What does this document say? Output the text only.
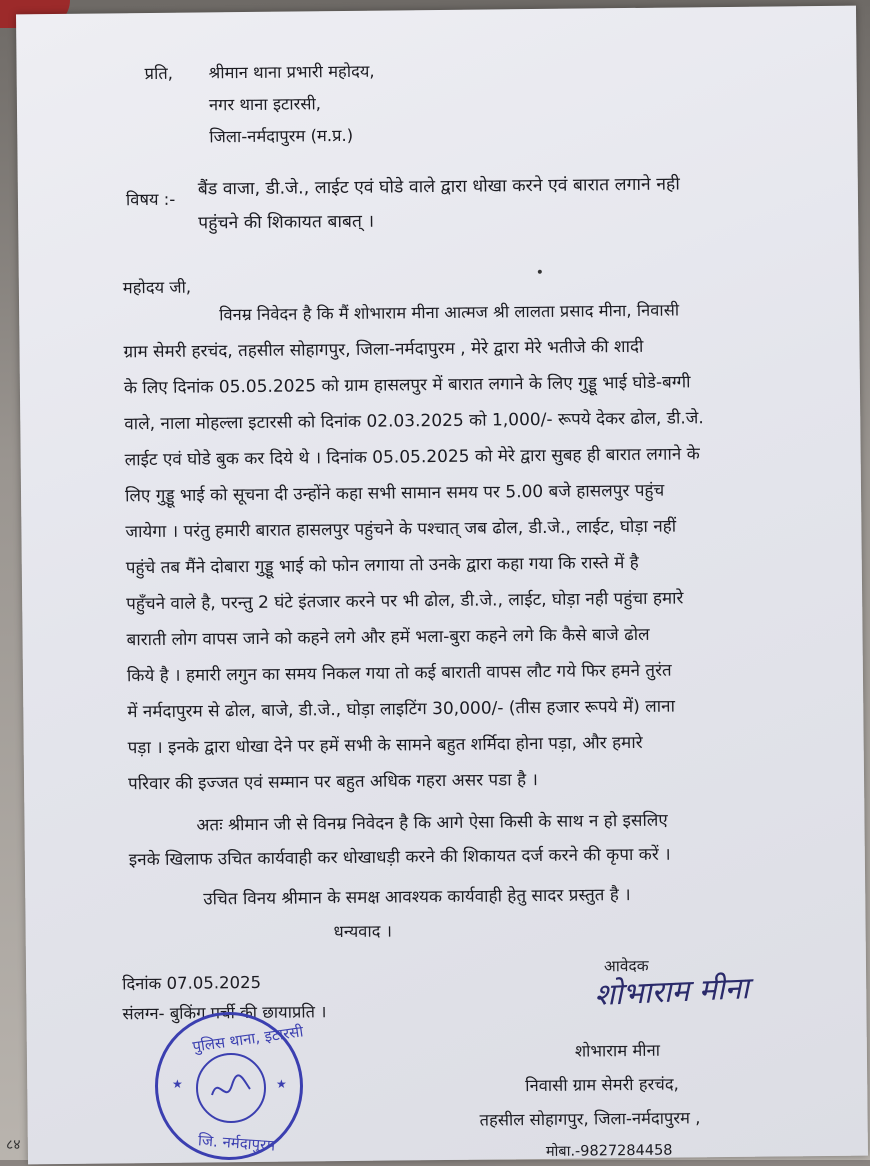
प्रति, श्रीमान थाना प्रभारी महोदय,
नगर थाना इटारसी,
जिला-नर्मदापुरम (म.प्र.)
विषय :- बैंड वाजा, डी.जे., लाईट एवं घोडे वाले द्वारा धोखा करने एवं बारात लगाने नही
पहुंचने की शिकायत बाबत् ।
•
महोदय जी,
विनम्र निवेदन है कि मैं शोभाराम मीना आत्मज श्री लालता प्रसाद मीना, निवासी
ग्राम सेमरी हरचंद, तहसील सोहागपुर, जिला-नर्मदापुरम , मेरे द्वारा मेरे भतीजे की शादी
के लिए दिनांक 05.05.2025 को ग्राम हासलपुर में बारात लगाने के लिए गुड्डू भाई घोडे-बग्गी
वाले, नाला मोहल्ला इटारसी को दिनांक 02.03.2025 को 1,000/- रूपये देकर ढोल, डी.जे.
लाईट एवं घोडे बुक कर दिये थे । दिनांक 05.05.2025 को मेरे द्वारा सुबह ही बारात लगाने के
लिए गुड्डू भाई को सूचना दी उन्होंने कहा सभी सामान समय पर 5.00 बजे हासलपुर पहुंच
जायेगा । परंतु हमारी बारात हासलपुर पहुंचने के पश्चात् जब ढोल, डी.जे., लाईट, घोड़ा नहीं
पहुंचे तब मैंने दोबारा गुड्डू भाई को फोन लगाया तो उनके द्वारा कहा गया कि रास्ते में है
पहुँचने वाले है, परन्तु 2 घंटे इंतजार करने पर भी ढोल, डी.जे., लाईट, घोड़ा नही पहुंचा हमारे
बाराती लोग वापस जाने को कहने लगे और हमें भला-बुरा कहने लगे कि कैसे बाजे ढोल
किये है । हमारी लगुन का समय निकल गया तो कई बाराती वापस लौट गये फिर हमने तुरंत
में नर्मदापुरम से ढोल, बाजे, डी.जे., घोड़ा लाइटिंग 30,000/- (तीस हजार रूपये में) लाना
पड़ा । इनके द्वारा धोखा देने पर हमें सभी के सामने बहुत शर्मिदा होना पड़ा, और हमारे
परिवार की इज्जत एवं सम्मान पर बहुत अधिक गहरा असर पडा है ।
अतः श्रीमान जी से विनम्र निवेदन है कि आगे ऐसा किसी के साथ न हो इसलिए
इनके खिलाफ उचित कार्यवाही कर धोखाधड़ी करने की शिकायत दर्ज करने की कृपा करें ।
उचित विनय श्रीमान के समक्ष आवश्यक कार्यवाही हेतु सादर प्रस्तुत है ।
धन्यवाद ।
दिनांक 07.05.2025
संलग्न- बुकिंग पर्ची की छायाप्रति ।
आवेदक
शोभाराम मीना
शोभाराम मीना
निवासी ग्राम सेमरी हरचंद,
तहसील सोहागपुर, जिला-नर्मदापुरम ,
मोबा.-9827284458
पुलिस थाना, इटारसी
जि. नर्मदापुरम
★	★
८४
